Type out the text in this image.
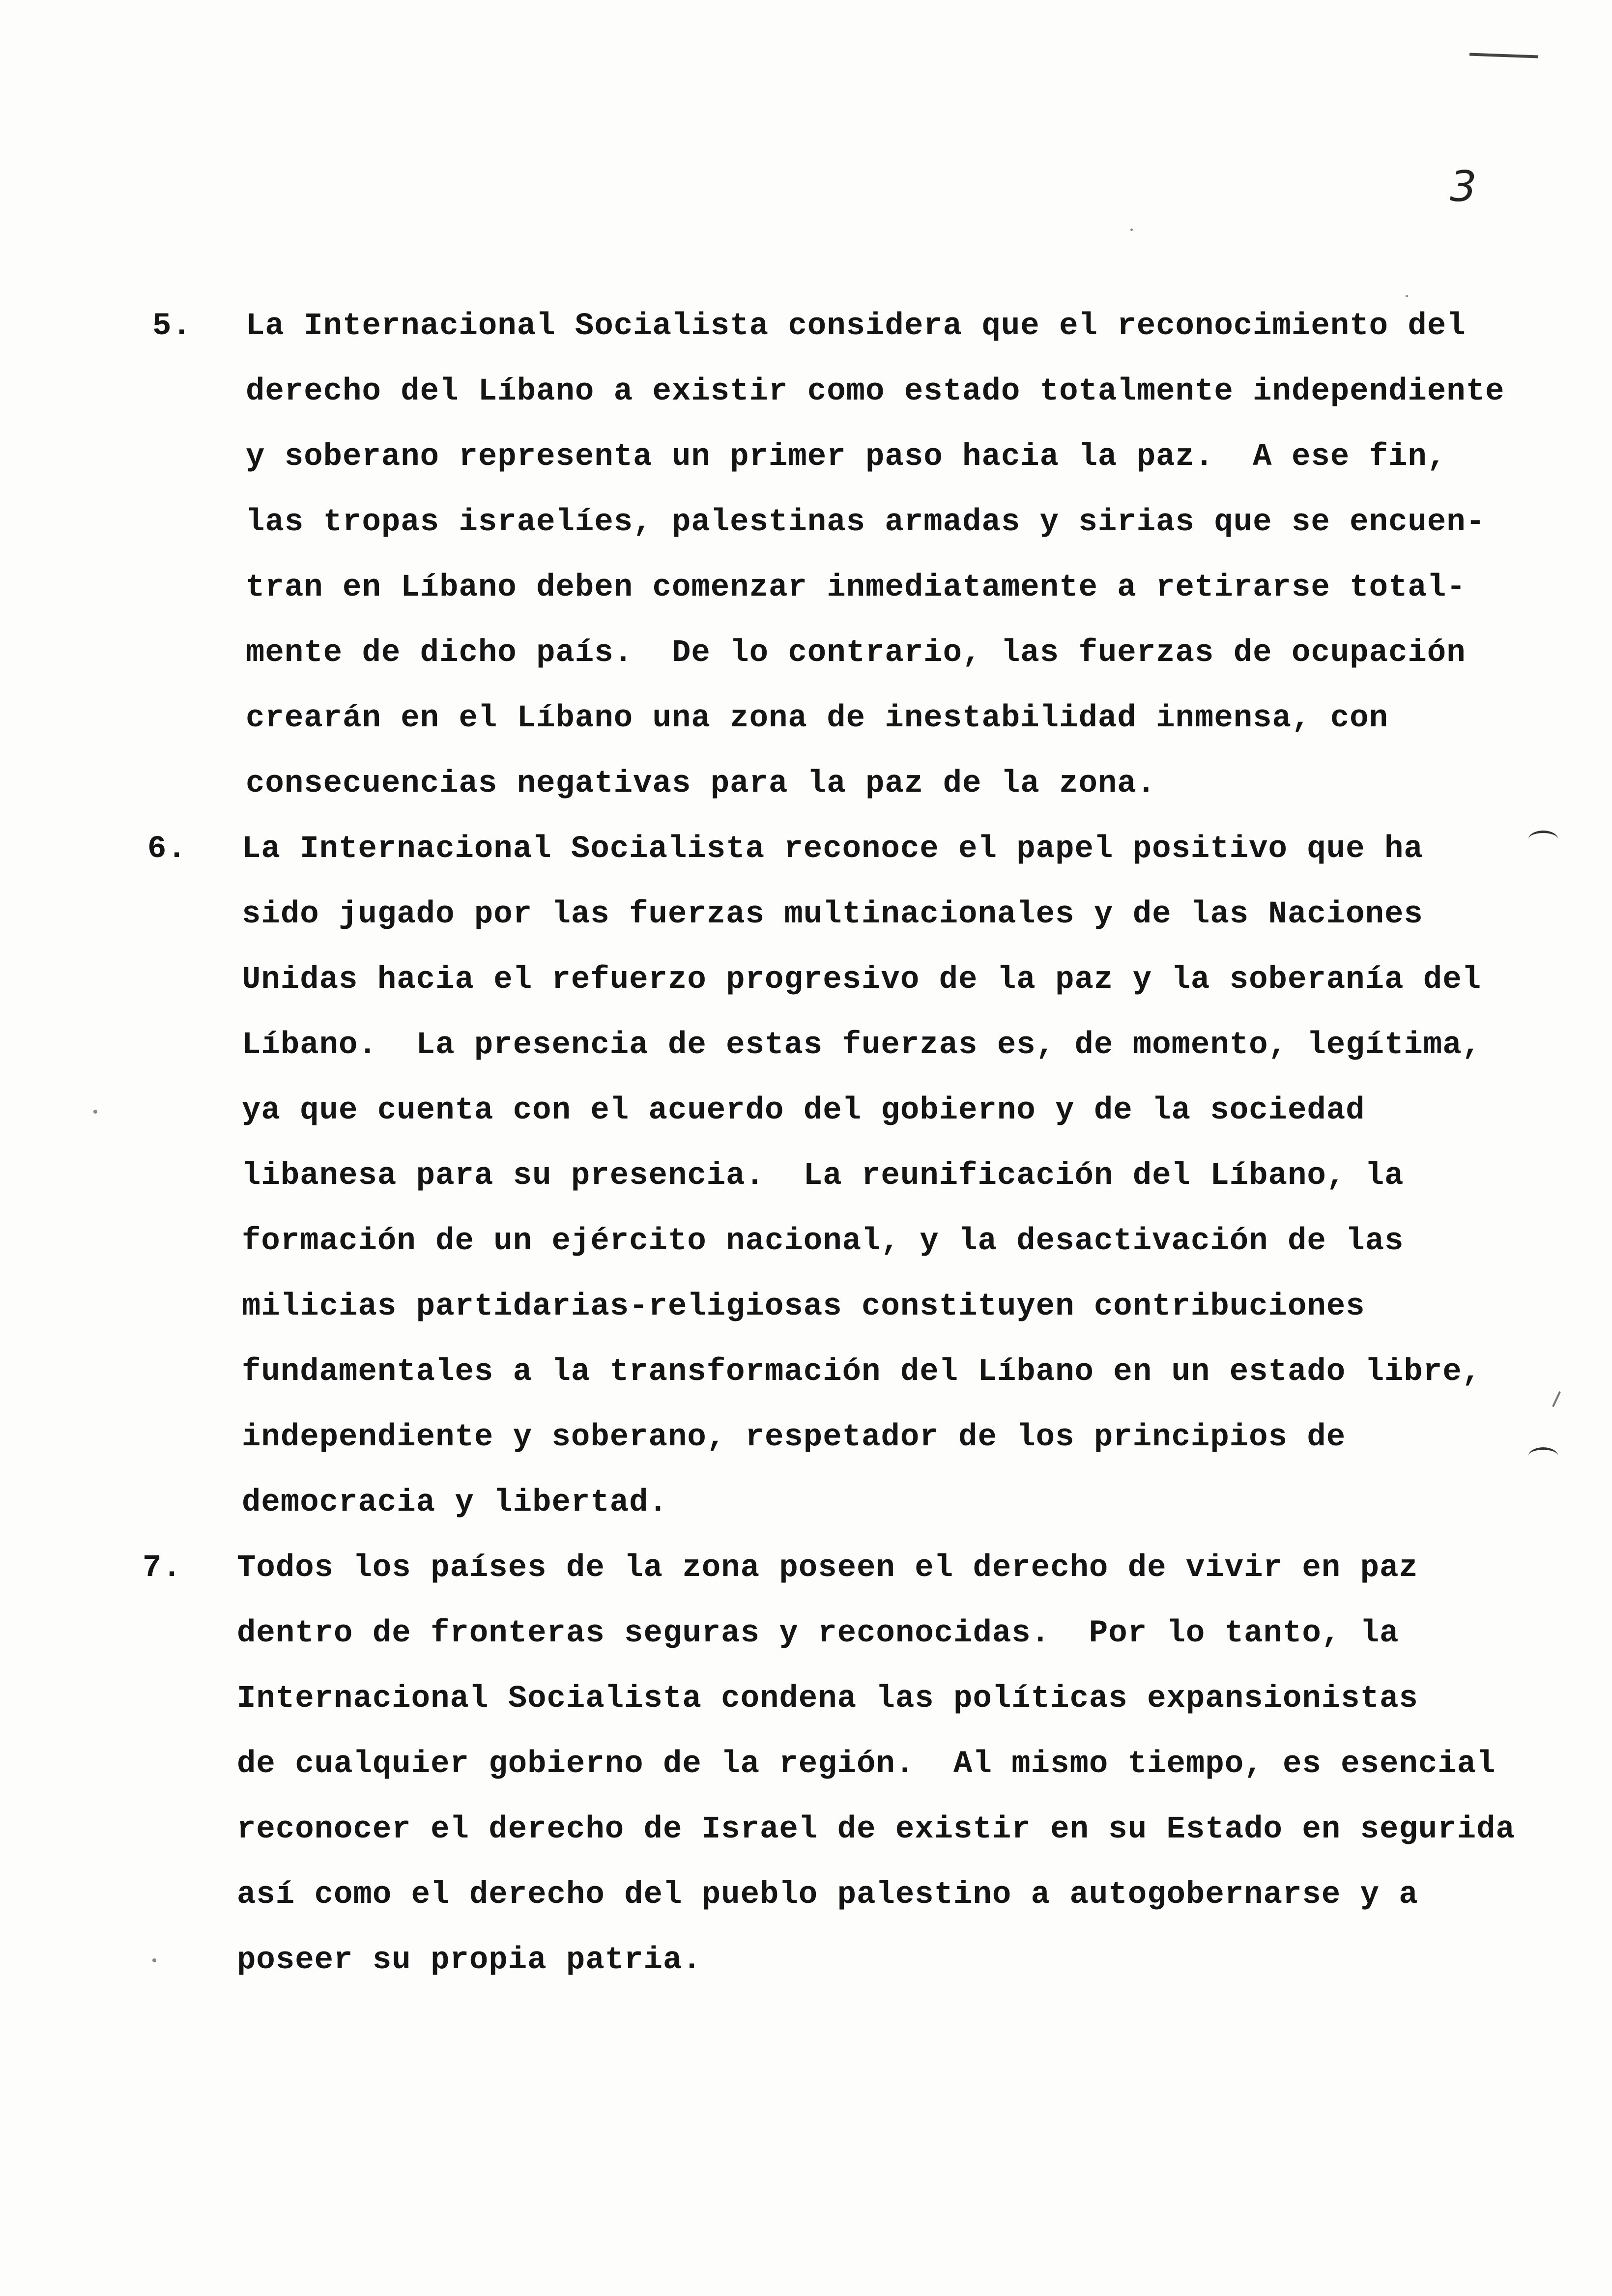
3
5. La Internacional Socialista considera que el reconocimiento del
derecho del Líbano a existir como estado totalmente independiente
y soberano representa un primer paso hacia la paz.  A ese fin,
las tropas israelíes, palestinas armadas y sirias que se encuen-
tran en Líbano deben comenzar inmediatamente a retirarse total-
mente de dicho país.  De lo contrario, las fuerzas de ocupación
crearán en el Líbano una zona de inestabilidad inmensa, con
consecuencias negativas para la paz de la zona.
6. La Internacional Socialista reconoce el papel positivo que ha
sido jugado por las fuerzas multinacionales y de las Naciones
Unidas hacia el refuerzo progresivo de la paz y la soberanía del
Líbano.  La presencia de estas fuerzas es, de momento, legítima,
ya que cuenta con el acuerdo del gobierno y de la sociedad
libanesa para su presencia.  La reunificación del Líbano, la
formación de un ejército nacional, y la desactivación de las
milicias partidarias-religiosas constituyen contribuciones
fundamentales a la transformación del Líbano en un estado libre,
independiente y soberano, respetador de los principios de
democracia y libertad.
7. Todos los países de la zona poseen el derecho de vivir en paz
dentro de fronteras seguras y reconocidas.  Por lo tanto, la
Internacional Socialista condena las políticas expansionistas
de cualquier gobierno de la región.  Al mismo tiempo, es esencial
reconocer el derecho de Israel de existir en su Estado en segurida
así como el derecho del pueblo palestino a autogobernarse y a
poseer su propia patria.
